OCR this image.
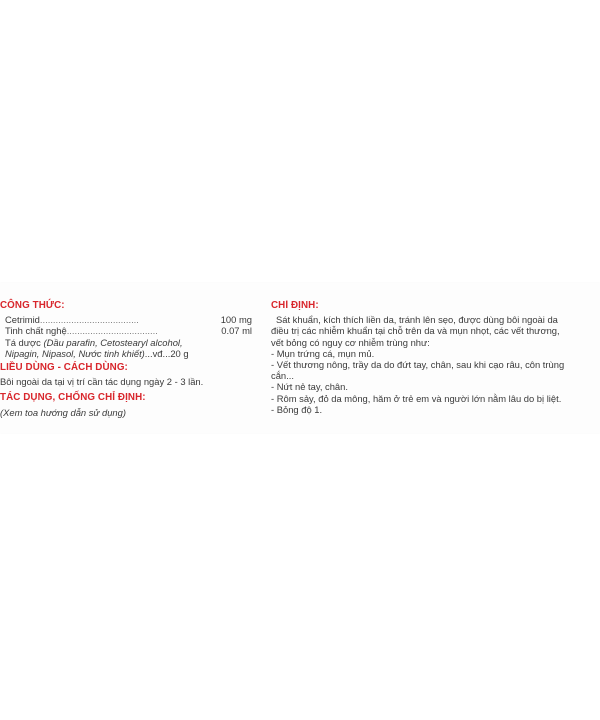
CÔNG THỨC:
Cetrimid......................................	100 mg
Tinh chất nghệ...................................	0.07 ml
Tá dược (Dầu parafin, Cetostearyl alcohol,
Nipagin, Nipasol, Nước tinh khiết)...vđ...20 g
LIỀU DÙNG - CÁCH DÙNG:
Bôi ngoài da tại vị trí cần tác dụng ngày 2 - 3 lần.
TÁC DỤNG, CHỐNG CHỈ ĐỊNH:
(Xem toa hướng dẫn sử dụng)
CHỈ ĐỊNH:
Sát khuẩn, kích thích liền da, tránh lên sẹo, được dùng bôi ngoài da
điều trị các nhiễm khuẩn tại chỗ trên da và mụn nhọt, các vết thương,
vết bỏng có nguy cơ nhiễm trùng như:
- Mụn trứng cá, mụn mủ.
- Vết thương nông, trầy da do đứt tay, chân, sau khi cạo râu, côn trùng
cắn...
- Nứt nẻ tay, chân.
- Rôm sảy, đỏ da mông, hăm ở trẻ em và người lớn nằm lâu do bị liệt.
- Bỏng độ 1.
